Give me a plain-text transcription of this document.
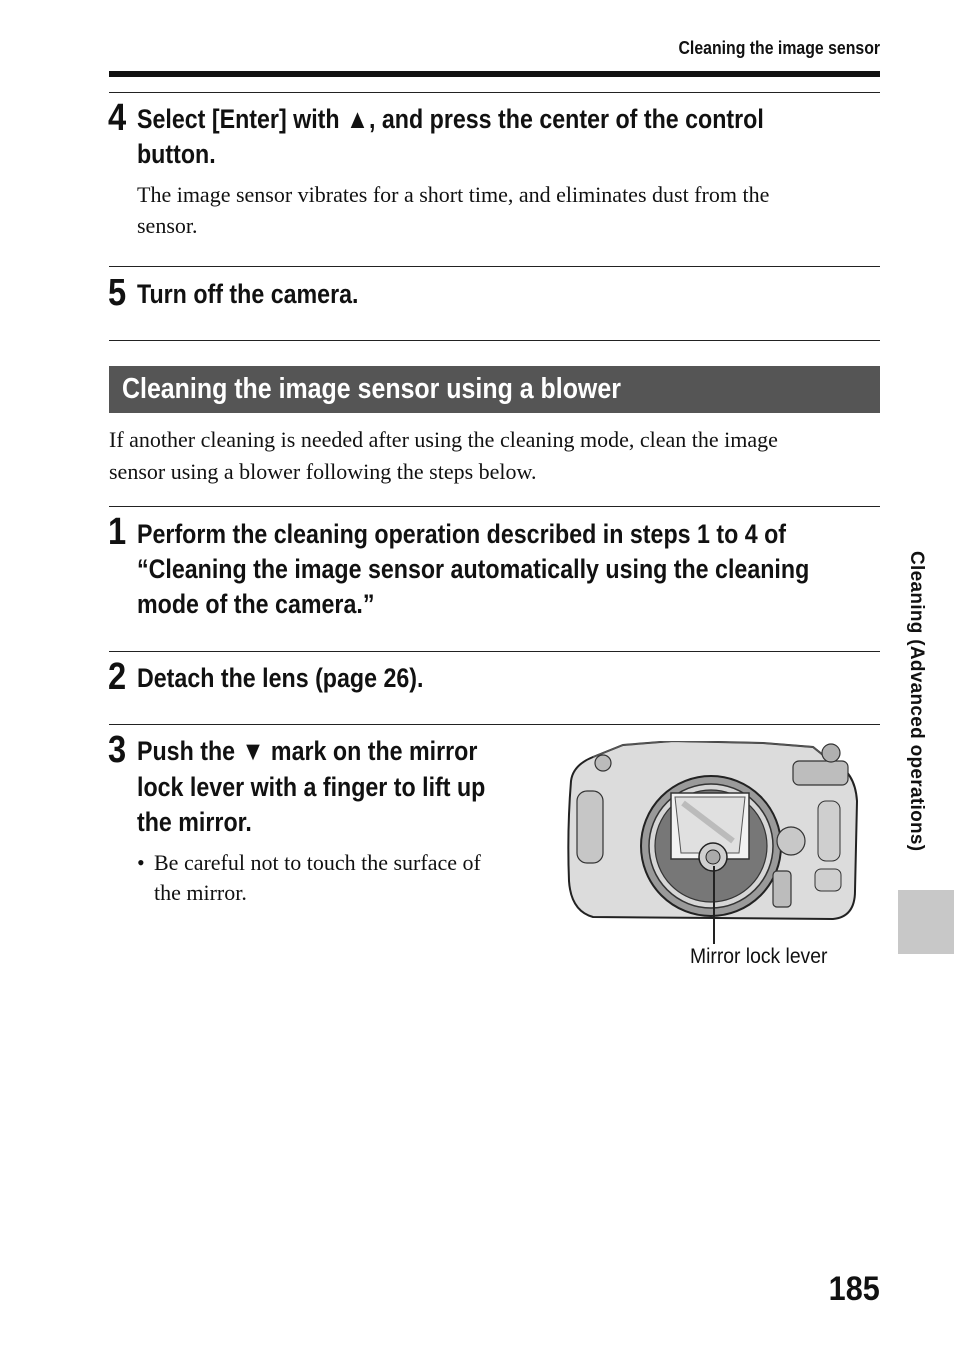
Cleaning the image sensor
4 Select [Enter] with ▲, and press the center of the control
button.
The image sensor vibrates for a short time, and eliminates dust from the
sensor.
5 Turn off the camera.
Cleaning the image sensor using a blower
If another cleaning is needed after using the cleaning mode, clean the image
sensor using a blower following the steps below.
1 Perform the cleaning operation described in steps 1 to 4 of
“Cleaning the image sensor automatically using the cleaning
mode of the camera.”
2 Detach the lens (page 26).
3 Push the ▼ mark on the mirror
lock lever with a finger to lift up
the mirror.
• Be careful not to touch the surface of
the mirror.
Mirror lock lever
Cleaning (Advanced operations)
185
